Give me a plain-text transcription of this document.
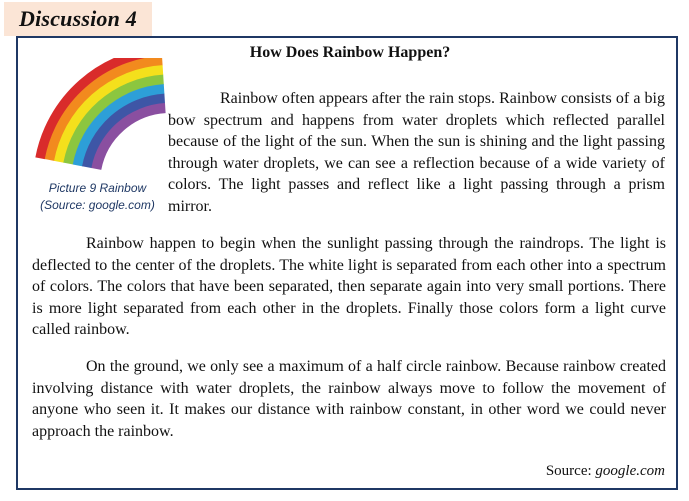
Discussion 4
How Does Rainbow Happen?
Picture 9 Rainbow
(Source: google.com)

Rainbow often appears after the rain stops. Rainbow consists of a big bow spectrum and happens from water droplets which reflected parallel because of the light of the sun. When the sun is shining and the light passing through water droplets, we can see a reflection because of a wide variety of colors. The light passes and reflect like a light passing through a prism mirror.

Rainbow happen to begin when the sunlight passing through the raindrops. The light is deflected to the center of the droplets. The white light is separated from each other into a spectrum of colors. The colors that have been separated, then separate again into very small portions. There is more light separated from each other in the droplets. Finally those colors form a light curve called rainbow.

On the ground, we only see a maximum of a half circle rainbow. Because rainbow created involving distance with water droplets, the rainbow always move to follow the movement of anyone who seen it. It makes our distance with rainbow constant, in other word we could never approach the rainbow.

Source: google.com
